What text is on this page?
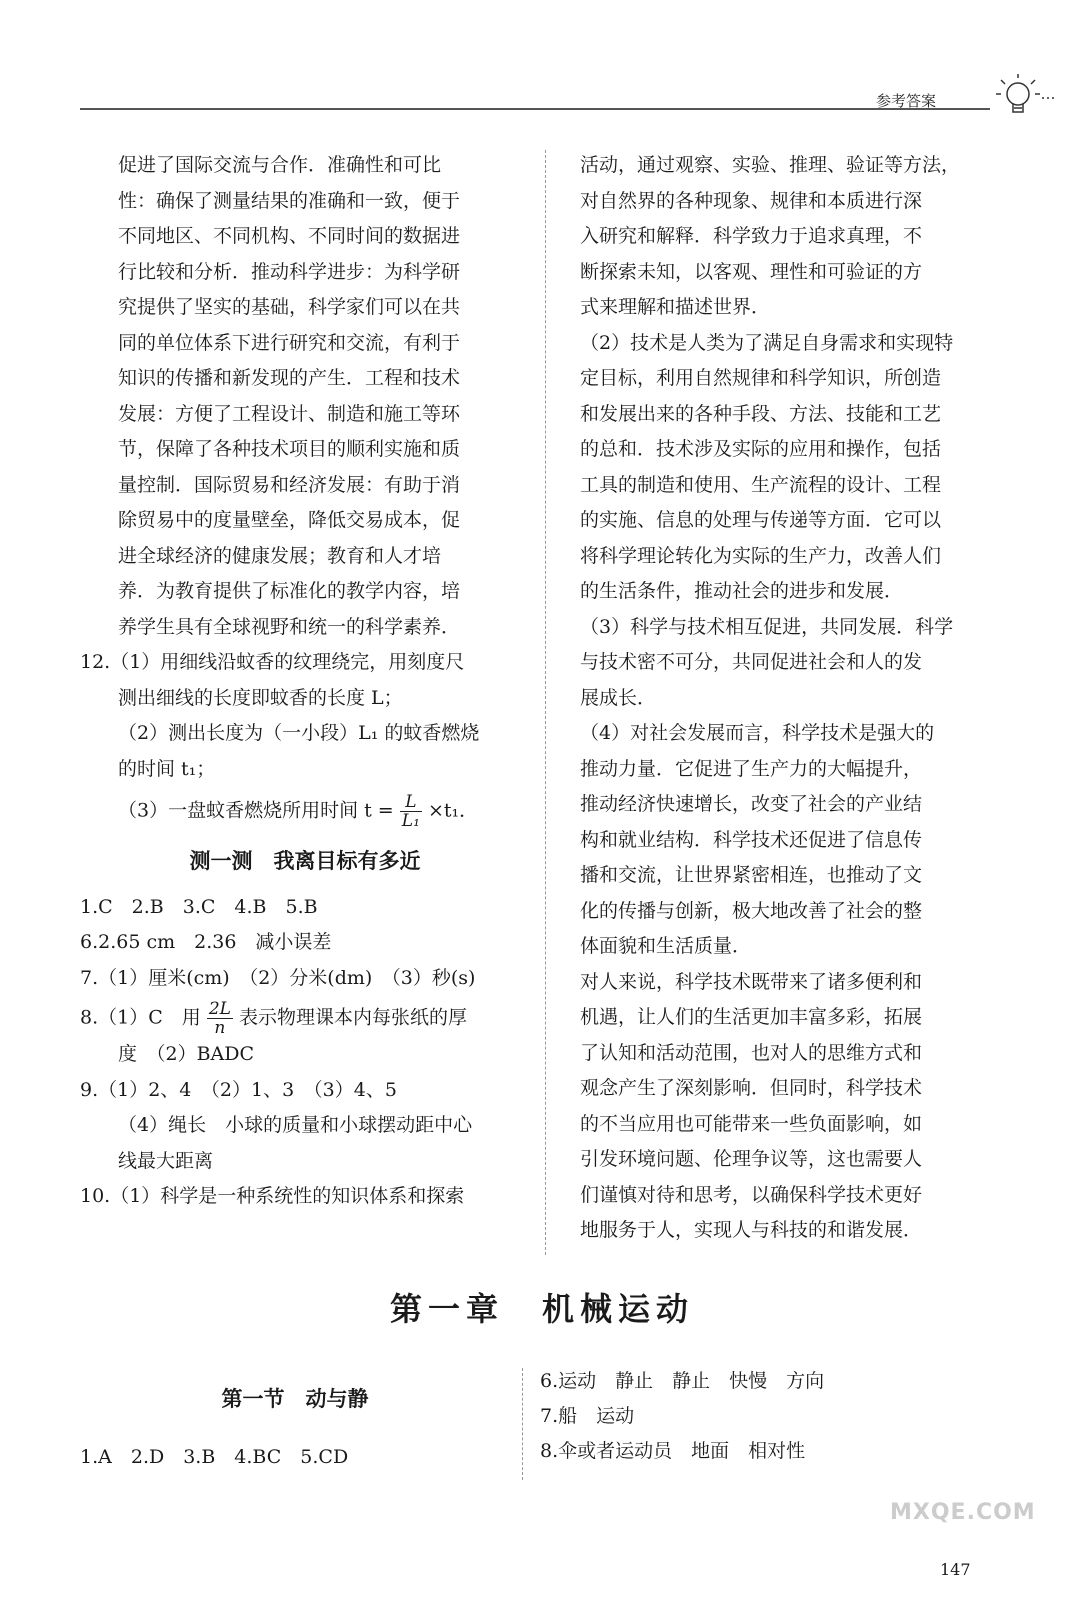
参考答案

促进了国际交流与合作．准确性和可比

性：确保了测量结果的准确和一致，便于

不同地区、不同机构、不同时间的数据进

行比较和分析．推动科学进步：为科学研

究提供了坚实的基础，科学家们可以在共

同的单位体系下进行研究和交流，有利于

知识的传播和新发现的产生．工程和技术

发展：方便了工程设计、制造和施工等环

节，保障了各种技术项目的顺利实施和质

量控制．国际贸易和经济发展：有助于消

除贸易中的度量壁垒，降低交易成本，促

进全球经济的健康发展；教育和人才培

养．为教育提供了标准化的教学内容，培

养学生具有全球视野和统一的科学素养．

12.（1）用细线沿蚊香的纹理绕完，用刻度尺

测出细线的长度即蚊香的长度 L；

（2）测出长度为（一小段）L₁ 的蚊香燃烧

的时间 t₁；

（3）一盘蚊香燃烧所用时间 $t = \frac{L}{\text{L₁}} \times t_1$．

测一测　我离目标有多近

1.C　2.B　3.C　4.B　5.B

6.2.65 cm　2.36　减小误差

7.（1）厘米(cm)　（2）分米(dm)　（3）秒(s)

8.（1）C　用 $\frac{2L}{n}$ 表示物理课本内每张纸的厚

度　（2）BADC

9.（1）2、4　（2）1、3　（3）4、5

（4）绳长　小球的质量和小球摆动距中心

线最大距离

10.（1）科学是一种系统性的知识体系和探索

活动，通过观察、实验、推理、验证等方法，

对自然界的各种现象、规律和本质进行深

入研究和解释．科学致力于追求真理，不

断探索未知，以客观、理性和可验证的方

式来理解和描述世界．

（2）技术是人类为了满足自身需求和实现特

定目标，利用自然规律和科学知识，所创造

和发展出来的各种手段、方法、技能和工艺

的总和．技术涉及实际的应用和操作，包括

工具的制造和使用、生产流程的设计、工程

的实施、信息的处理与传递等方面．它可以

将科学理论转化为实际的生产力，改善人们

的生活条件，推动社会的进步和发展．

（3）科学与技术相互促进，共同发展．科学

与技术密不可分，共同促进社会和人的发

展成长．

（4）对社会发展而言，科学技术是强大的

推动力量．它促进了生产力的大幅提升，

推动经济快速增长，改变了社会的产业结

构和就业结构．科学技术还促进了信息传

播和交流，让世界紧密相连，也推动了文

化的传播与创新，极大地改善了社会的整

体面貌和生活质量．

对人来说，科学技术既带来了诸多便利和

机遇，让人们的生活更加丰富多彩，拓展

了认知和活动范围，也对人的思维方式和

观念产生了深刻影响．但同时，科学技术

的不当应用也可能带来一些负面影响，如

引发环境问题、伦理争议等，这也需要人

们谨慎对待和思考，以确保科学技术更好

地服务于人，实现人与科技的和谐发展．

第一章　机械运动

第一节　动与静

1.A　2.D　3.B　4.BC　5.CD

6.运动　静止　静止　快慢　方向

7.船　运动

8.伞或者运动员　地面　相对性

MXQE.COM
147
